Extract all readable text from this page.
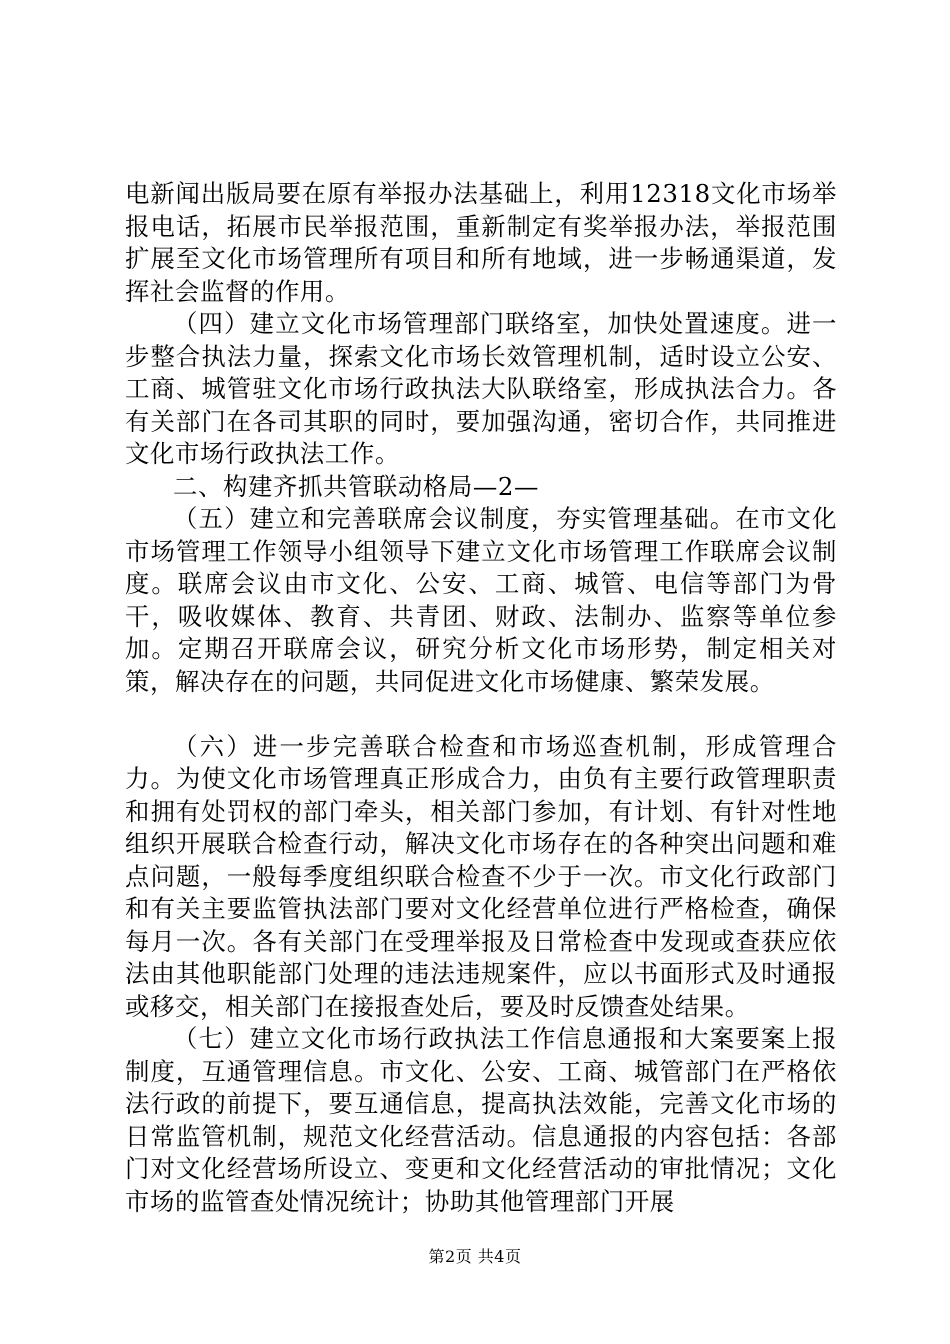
电新闻出版局要在原有举报办法基础上，利用12318文化市场举报电话，拓展市民举报范围，重新制定有奖举报办法，举报范围扩展至文化市场管理所有项目和所有地域，进一步畅通渠道，发挥社会监督的作用。

（四）建立文化市场管理部门联络室，加快处置速度。进一步整合执法力量，探索文化市场长效管理机制，适时设立公安、工商、城管驻文化市场行政执法大队联络室，形成执法合力。各有关部门在各司其职的同时，要加强沟通，密切合作，共同推进文化市场行政执法工作。

二、构建齐抓共管联动格局—2—

（五）建立和完善联席会议制度，夯实管理基础。在市文化市场管理工作领导小组领导下建立文化市场管理工作联席会议制度。联席会议由市文化、公安、工商、城管、电信等部门为骨干，吸收媒体、教育、共青团、财政、法制办、监察等单位参加。定期召开联席会议，研究分析文化市场形势，制定相关对策，解决存在的问题，共同促进文化市场健康、繁荣发展。

（六）进一步完善联合检查和市场巡查机制，形成管理合力。为使文化市场管理真正形成合力，由负有主要行政管理职责和拥有处罚权的部门牵头，相关部门参加，有计划、有针对性地组织开展联合检查行动，解决文化市场存在的各种突出问题和难点问题，一般每季度组织联合检查不少于一次。市文化行政部门和有关主要监管执法部门要对文化经营单位进行严格检查，确保每月一次。各有关部门在受理举报及日常检查中发现或查获应依法由其他职能部门处理的违法违规案件，应以书面形式及时通报或移交，相关部门在接报查处后，要及时反馈查处结果。

（七）建立文化市场行政执法工作信息通报和大案要案上报制度，互通管理信息。市文化、公安、工商、城管部门在严格依法行政的前提下，要互通信息，提高执法效能，完善文化市场的日常监管机制，规范文化经营活动。信息通报的内容包括：各部门对文化经营场所设立、变更和文化经营活动的审批情况；文化市场的监管查处情况统计；协助其他管理部门开展

第2页 共4页
